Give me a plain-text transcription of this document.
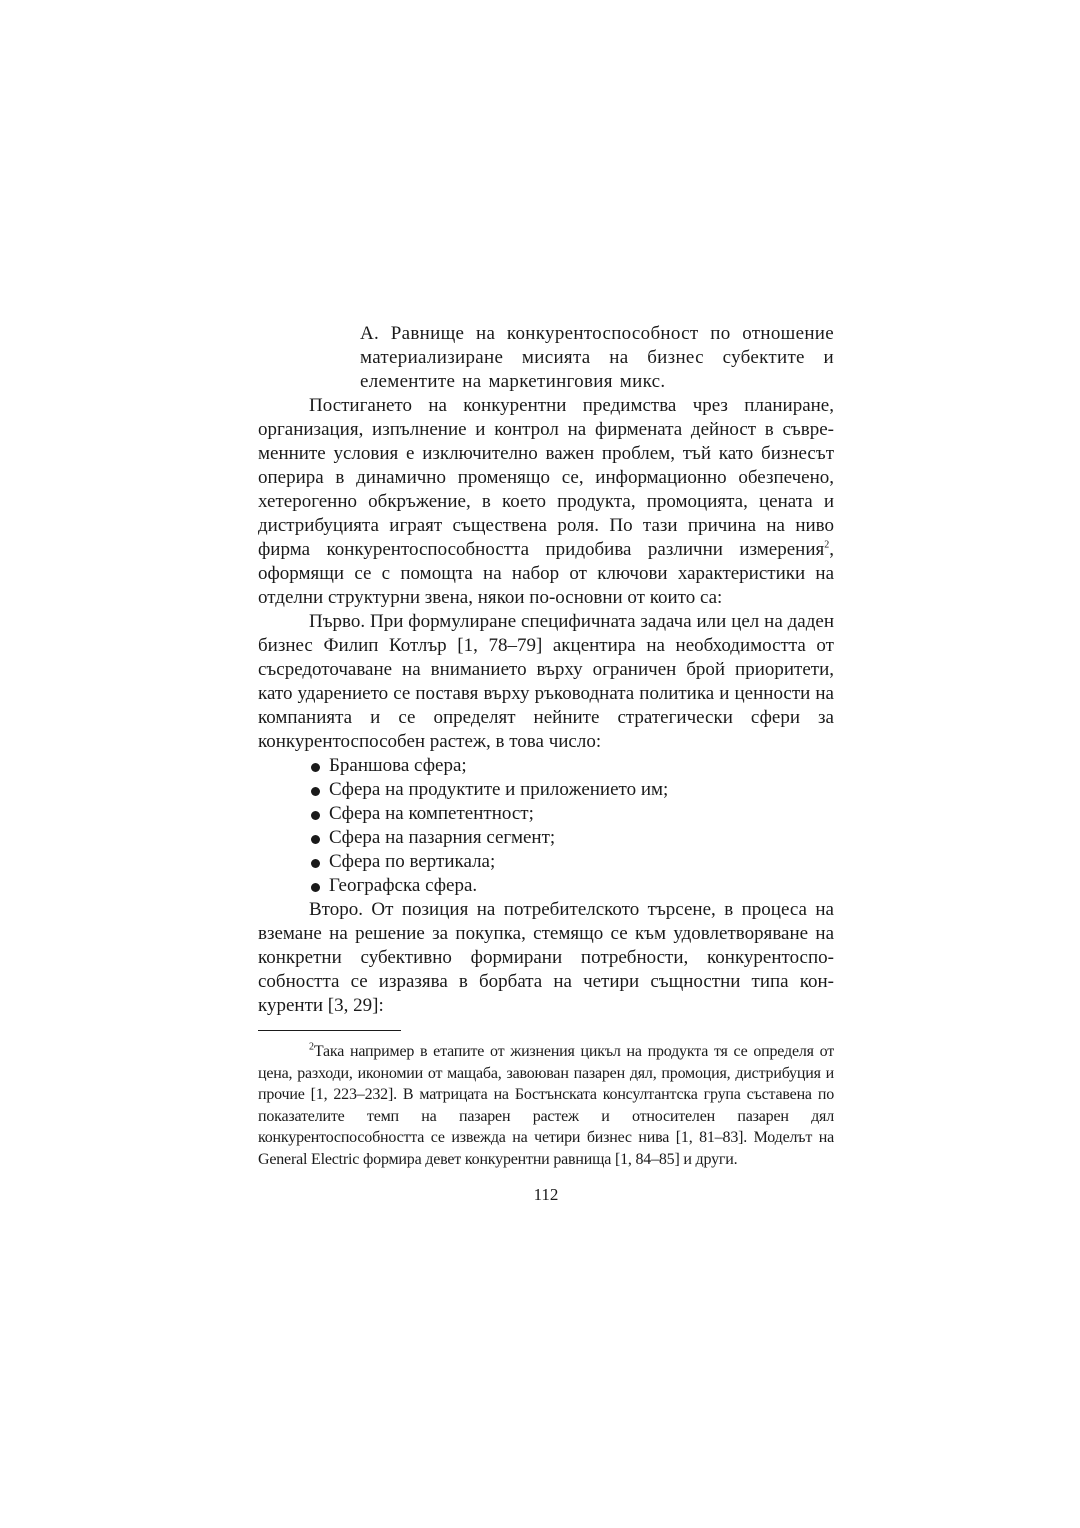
А. Равнище на конкурентоспособност по отношение материализиране мисията на бизнес субектите и елементите на маркетинговия микс.

Постигането на конкурентни предимства чрез планиране, организация, изпълнение и контрол на фирмената дейност в съвременните условия е изключително важен проблем, тъй като бизнесът оперира в динамично променящо се, информационно обезпечено, хетерогенно обкръжение, в което продукта, промоцията, цената и дистрибуцията играят съществена роля. По тази причина на ниво фирма конкурентоспособността придобива различни измерения$^2$, оформящи се с помощта на набор от ключови характеристики на отделни структурни звена, някои по-основни от които са:

Първо. При формулиране специфичната задача или цел на даден бизнес Филип Котлър [1, 78–79] акцентира на необходимостта от съсредоточаване на вниманието върху ограничен брой приоритети, като ударението се поставя върху ръководната политика и ценности на компанията и се определят нейните стратегически сфери за конкурентоспособен растеж, в това число:

Браншова сфера;
Сфера на продуктите и приложението им;
Сфера на компетентност;
Сфера на пазарния сегмент;
Сфера по вертикала;
Географска сфера.

Второ. От позиция на потребителското търсене, в процеса на вземане на решение за покупка, стемящо се към удовлетворяване на конкретни субективно формирани потребности, конкурентоспособността се изразява в борбата на четири същностни типа конкуренти [3, 29]:

$^2$Така например в етапите от жизнения цикъл на продукта тя се определя от цена, разходи, икономии от мащаба, завоюван пазарен дял, промоция, дистрибуция и прочие [1, 223–232]. В матрицата на Бостънската консултантска група съставена по показателите темп на пазарен растеж и относителен пазарен дял конкурентоспособността се извежда на четири бизнес нива [1, 81–83]. Моделът на General Electric формира девет конкурентни равнища [1, 84–85] и други.

112
